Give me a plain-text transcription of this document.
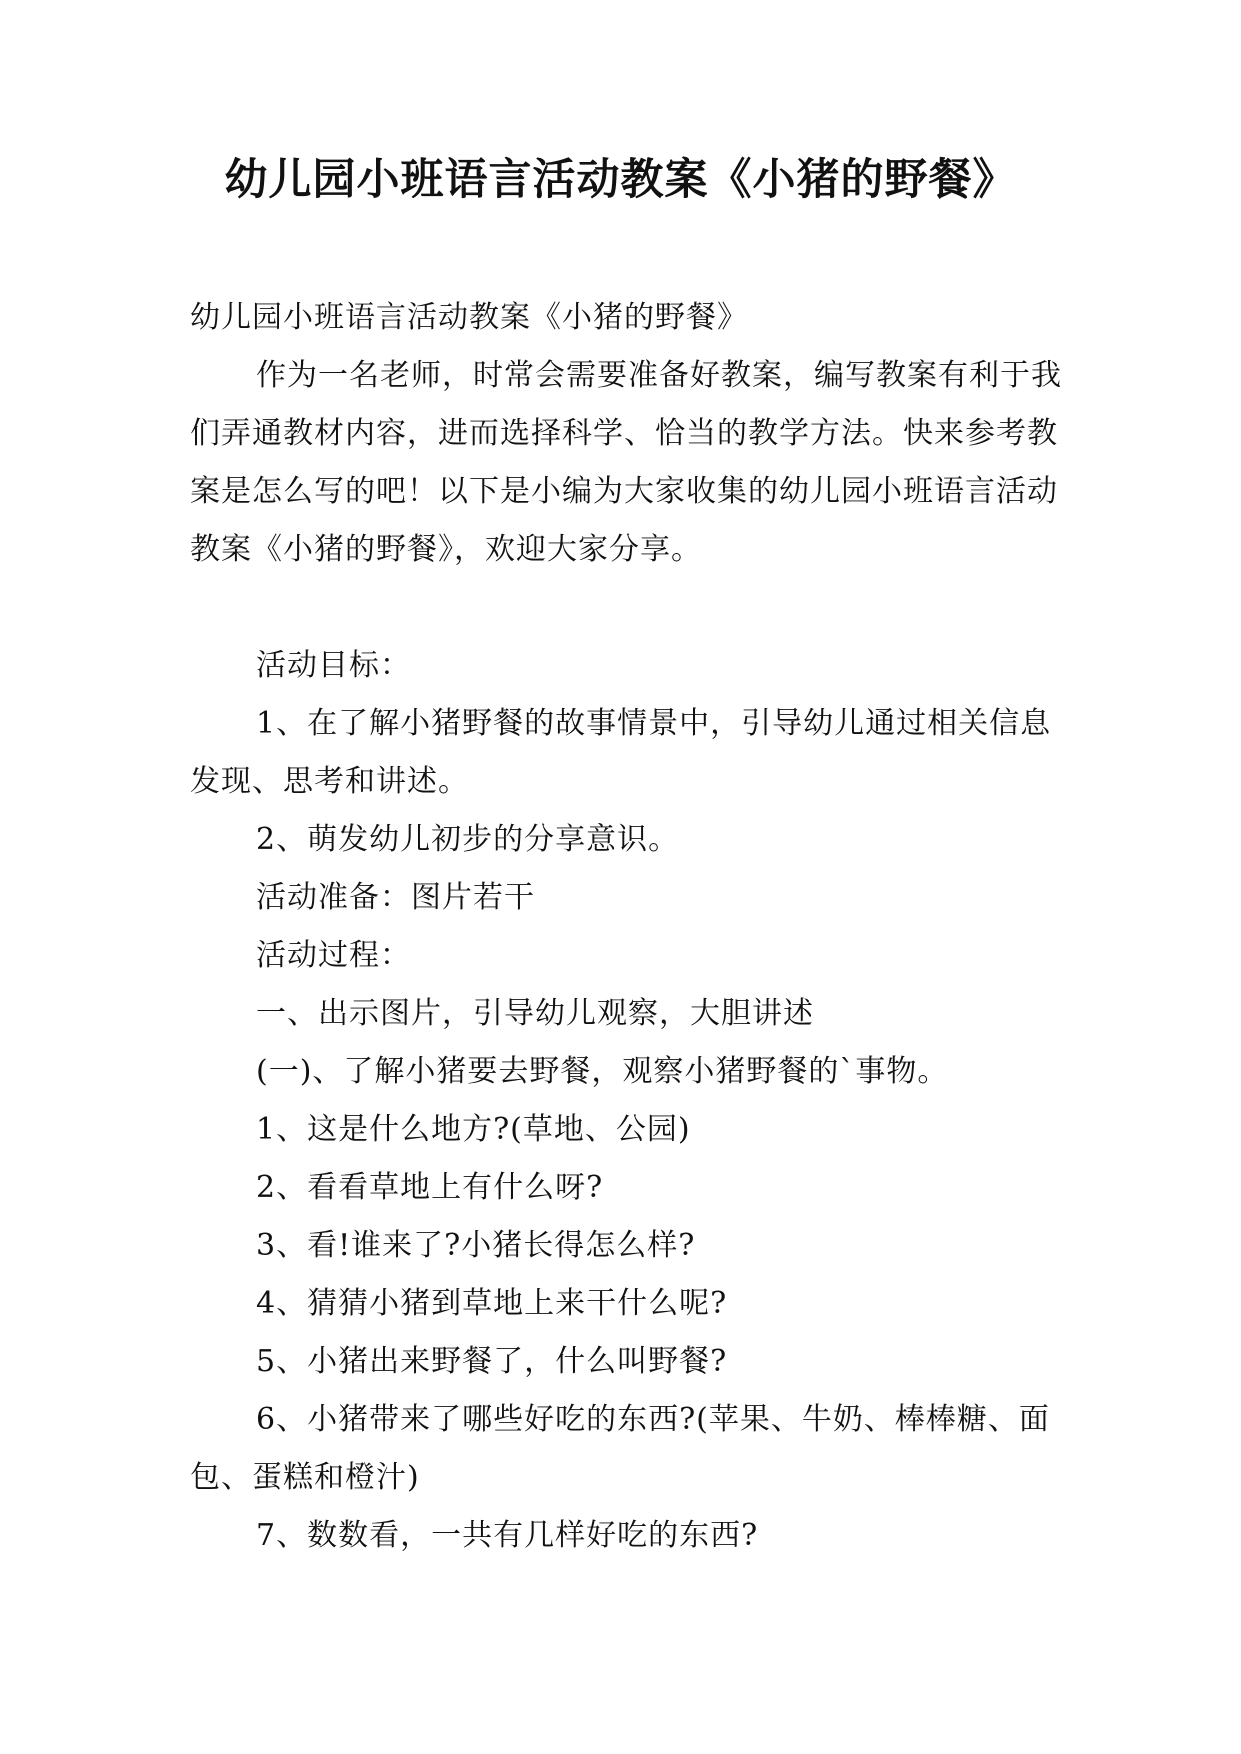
幼儿园小班语言活动教案《小猪的野餐》

幼儿园小班语言活动教案《小猪的野餐》

作为一名老师，时常会需要准备好教案，编写教案有利于我们弄通教材内容，进而选择科学、恰当的教学方法。快来参考教案是怎么写的吧！以下是小编为大家收集的幼儿园小班语言活动教案《小猪的野餐》，欢迎大家分享。

活动目标：

1、在了解小猪野餐的故事情景中，引导幼儿通过相关信息发现、思考和讲述。

2、萌发幼儿初步的分享意识。

活动准备：图片若干

活动过程：

一、出示图片，引导幼儿观察，大胆讲述

(一)、了解小猪要去野餐，观察小猪野餐的`事物。

1、这是什么地方?(草地、公园)

2、看看草地上有什么呀?

3、看!谁来了?小猪长得怎么样?

4、猜猜小猪到草地上来干什么呢?

5、小猪出来野餐了，什么叫野餐?

6、小猪带来了哪些好吃的东西?(苹果、牛奶、棒棒糖、面包、蛋糕和橙汁)

7、数数看，一共有几样好吃的东西?
